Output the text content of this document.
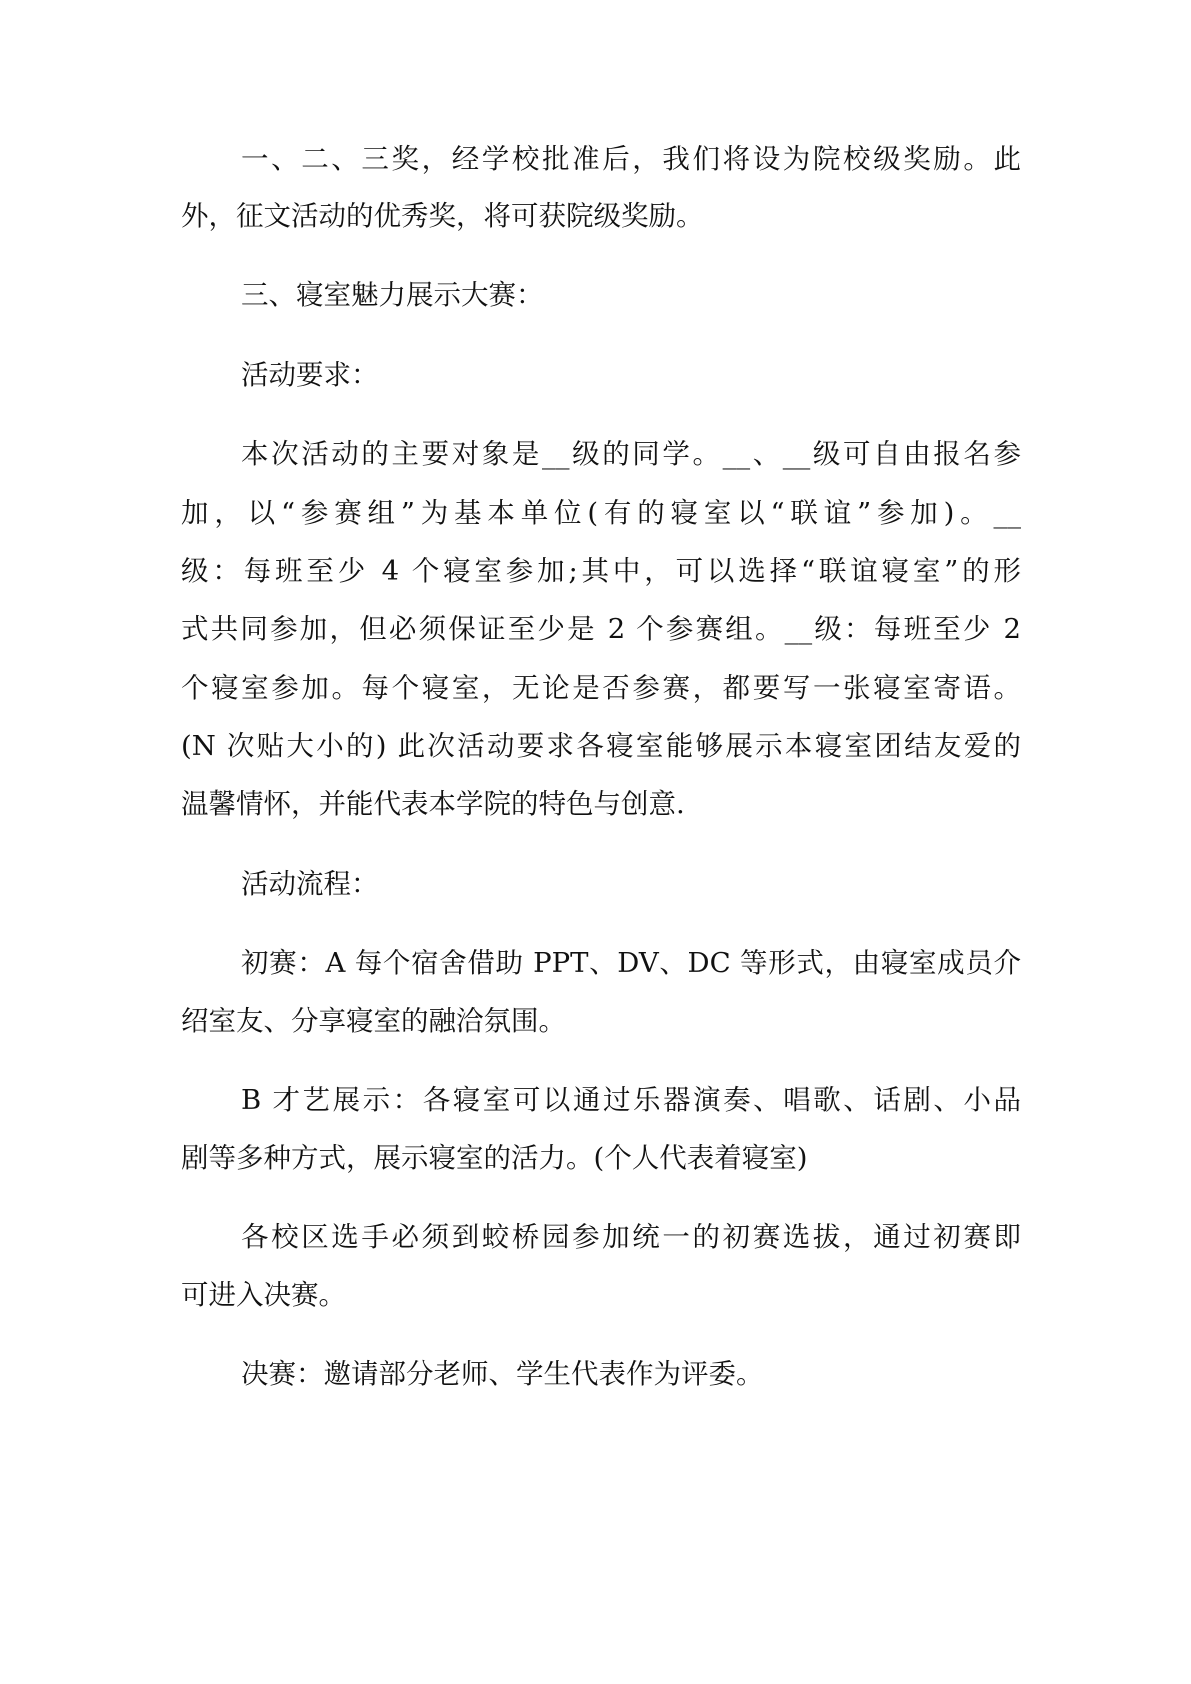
一、二、三奖，经学校批准后，我们将设为院校级奖励。此
外，征文活动的优秀奖，将可获院级奖励。
三、寝室魅力展示大赛：
活动要求：
本次活动的主要对象是__级的同学。__、__级可自由报名参
加，以“参赛组”为基本单位(有的寝室以“联谊”参加)。__
级：每班至少 4 个寝室参加;其中，可以选择“联谊寝室”的形
式共同参加，但必须保证至少是 2 个参赛组。__级：每班至少 2
个寝室参加。每个寝室，无论是否参赛，都要写一张寝室寄语。
(N 次贴大小的) 此次活动要求各寝室能够展示本寝室团结友爱的
温馨情怀，并能代表本学院的特色与创意.
活动流程：
初赛：A 每个宿舍借助 PPT、DV、DC 等形式，由寝室成员介
绍室友、分享寝室的融洽氛围。
B 才艺展示：各寝室可以通过乐器演奏、唱歌、话剧、小品
剧等多种方式，展示寝室的活力。(个人代表着寝室)
各校区选手必须到蛟桥园参加统一的初赛选拔，通过初赛即
可进入决赛。
决赛：邀请部分老师、学生代表作为评委。
